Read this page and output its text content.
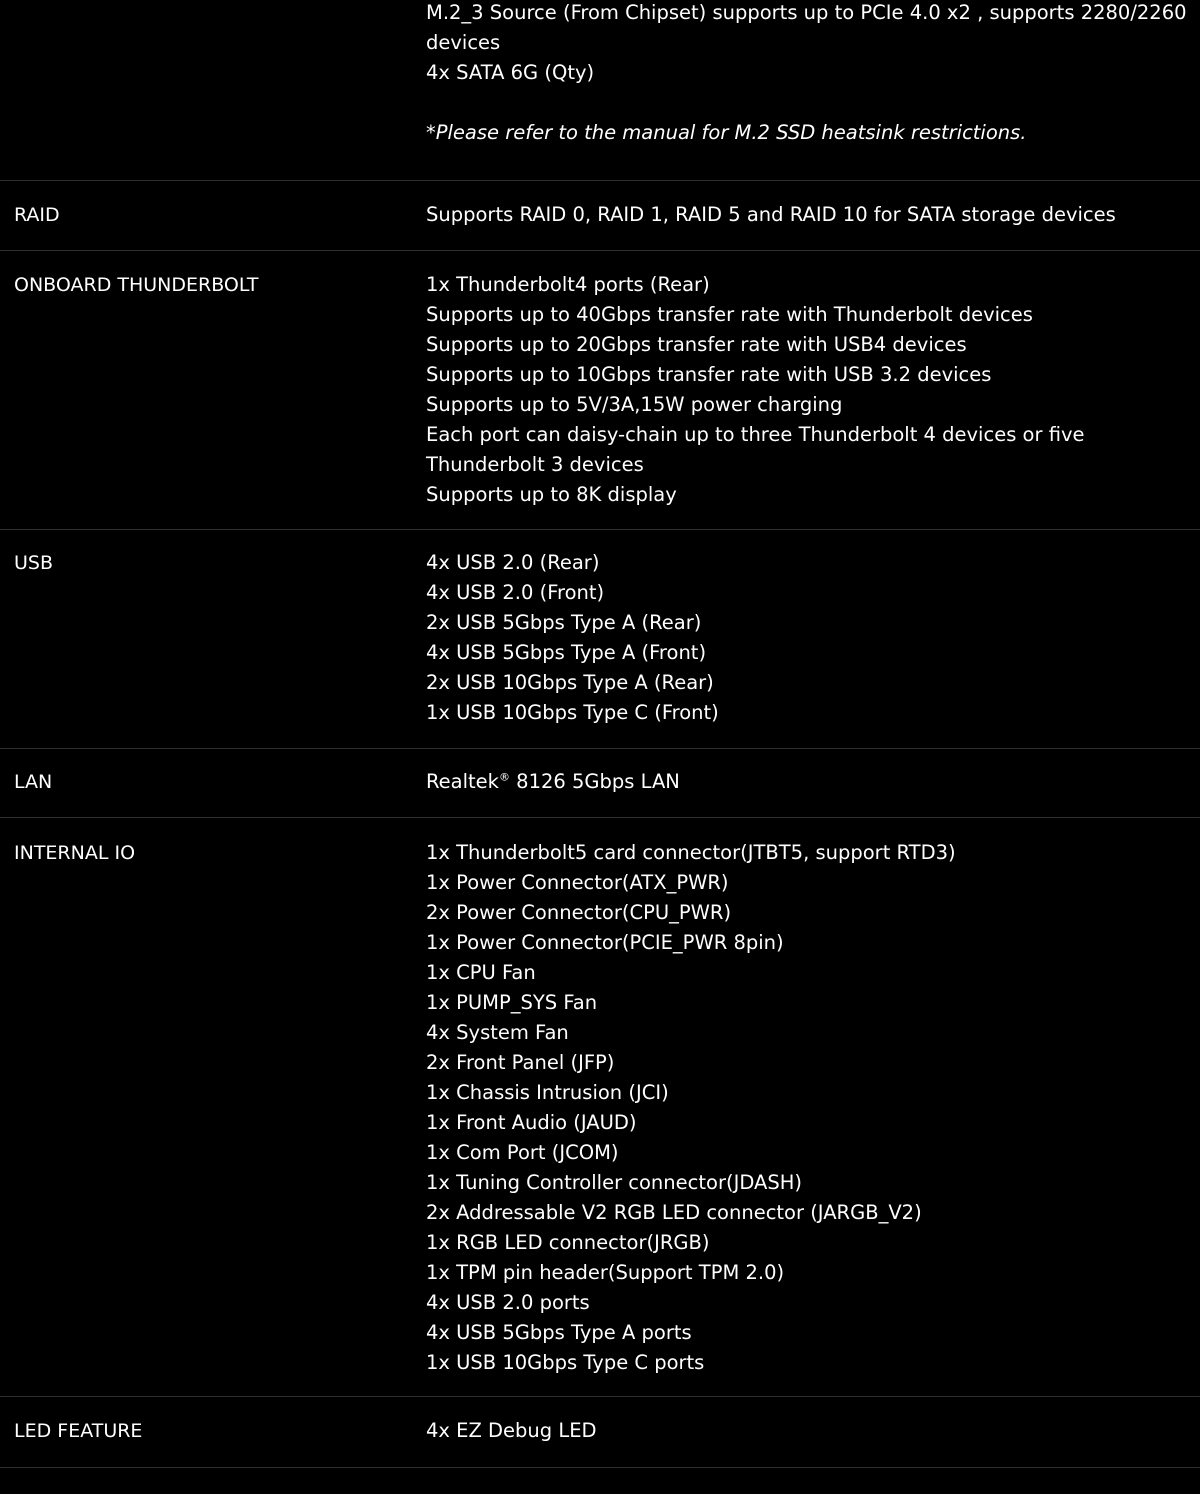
M.2_3 Source (From Chipset) supports up to PCIe 4.0 x2 , supports 2280/2260 devices
4x SATA 6G (Qty)
*Please refer to the manual for M.2 SSD heatsink restrictions.
RAID	Supports RAID 0, RAID 1, RAID 5 and RAID 10 for SATA storage devices
ONBOARD THUNDERBOLT	1x Thunderbolt4 ports (Rear)
Supports up to 40Gbps transfer rate with Thunderbolt devices
Supports up to 20Gbps transfer rate with USB4 devices
Supports up to 10Gbps transfer rate with USB 3.2 devices
Supports up to 5V/3A,15W power charging
Each port can daisy-chain up to three Thunderbolt 4 devices or five Thunderbolt 3 devices
Supports up to 8K display
USB	4x USB 2.0 (Rear)
4x USB 2.0 (Front)
2x USB 5Gbps Type A (Rear)
4x USB 5Gbps Type A (Front)
2x USB 10Gbps Type A (Rear)
1x USB 10Gbps Type C (Front)
LAN	Realtek® 8126 5Gbps LAN
INTERNAL IO	1x Thunderbolt5 card connector(JTBT5, support RTD3)
1x Power Connector(ATX_PWR)
2x Power Connector(CPU_PWR)
1x Power Connector(PCIE_PWR 8pin)
1x CPU Fan
1x PUMP_SYS Fan
4x System Fan
2x Front Panel (JFP)
1x Chassis Intrusion (JCI)
1x Front Audio (JAUD)
1x Com Port (JCOM)
1x Tuning Controller connector(JDASH)
2x Addressable V2 RGB LED connector (JARGB_V2)
1x RGB LED connector(JRGB)
1x TPM pin header(Support TPM 2.0)
4x USB 2.0 ports
4x USB 5Gbps Type A ports
1x USB 10Gbps Type C ports
LED FEATURE	4x EZ Debug LED
